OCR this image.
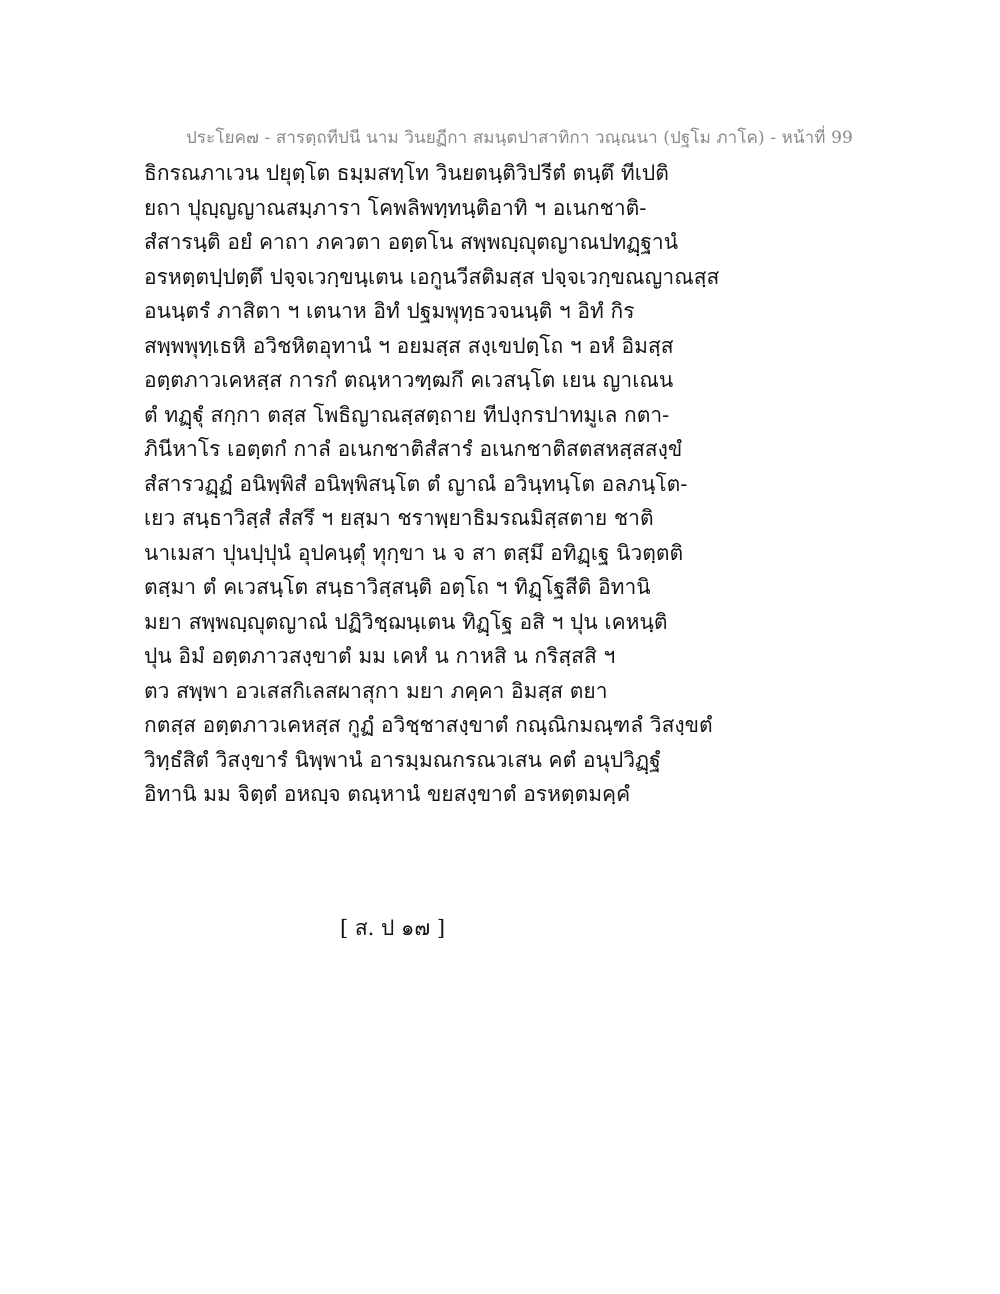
ประโยค๗ - สารตฺถทีปนี นาม วินยฏีกา สมนฺตปาสาทิกา วณฺณนา (ปฐโม ภาโค) - หน้าที่ 99
ธิกรณภาเวน ปยุตฺโต ธมฺมสทฺโท วินยตนฺติวิปรีตํ ตนฺตึ ทีเปติ
ยถา ปุญฺญญาณสมฺภารา โคพลิพทฺทนฺติอาทิ ฯ อเนกชาติ-
สํสารนฺติ อยํ คาถา ภควตา อตฺตโน สพฺพญฺญุตญาณปทฏฺฐานํ
อรหตฺตปฺปตฺตึ ปจฺจเวกฺขนฺเตน เอกูนวีสติมสฺส ปจฺจเวกฺขณญาณสฺส
อนนฺตรํ ภาสิตา ฯ เตนาห อิทํ ปฐมพุทฺธวจนนฺติ ฯ อิทํ กิร
สพฺพพุทฺเธหิ อวิชหิตอุทานํ ฯ อยมสฺส สงฺเขปตฺโถ ฯ อหํ อิมสฺส
อตฺตภาวเคหสฺส การกํ ตณฺหาวฑฺฒกึ คเวสนฺโต เยน ญาเณน
ตํ ทฏฺฐุํ สกฺกา ตสฺส โพธิญาณสฺสตฺถาย ทีปงฺกรปาทมูเล กตา-
ภินีหาโร เอตฺตกํ กาลํ อเนกชาติสํสารํ อเนกชาติสตสหสฺสสงฺขํ
สํสารวฏฺฏํ อนิพฺพิสํ อนิพฺพิสนฺโต ตํ ญาณํ อวินฺทนฺโต อลภนฺโต-
เยว สนฺธาวิสฺสํ สํสรึ ฯ ยสฺมา ชราพฺยาธิมรณมิสฺสตาย ชาติ
นาเมสา ปุนปฺปุนํ อุปคนฺตุํ ทุกฺขา น จ สา ตสฺมึ อทิฏฺเฐ นิวตฺตติ
ตสฺมา ตํ คเวสนฺโต สนฺธาวิสฺสนฺติ อตฺโถ ฯ ทิฏฺโฐสีติ อิทานิ
มยา สพฺพญฺญุตญาณํ ปฏิวิชฺฌนฺเตน ทิฏฺโฐ อสิ ฯ ปุน เคหนฺติ
ปุน อิมํ อตฺตภาวสงฺขาตํ มม เคหํ น กาหสิ น กริสฺสสิ ฯ
ตว สพฺพา อวเสสกิเลสผาสุกา มยา ภคฺคา อิมสฺส ตยา
กตสฺส อตฺตภาวเคหสฺส กูฏํ อวิชฺชาสงฺขาตํ กณฺณิกมณฺฑลํ วิสงฺขตํ
วิทฺธํสิตํ วิสงฺขารํ นิพฺพานํ อารมฺมณกรณวเสน คตํ อนุปวิฏฺฐํ
อิทานิ มม จิตฺตํ อหญฺจ ตณฺหานํ ขยสงฺขาตํ อรหตฺตมคฺคํ
[ ส. ป ๑๗ ]
